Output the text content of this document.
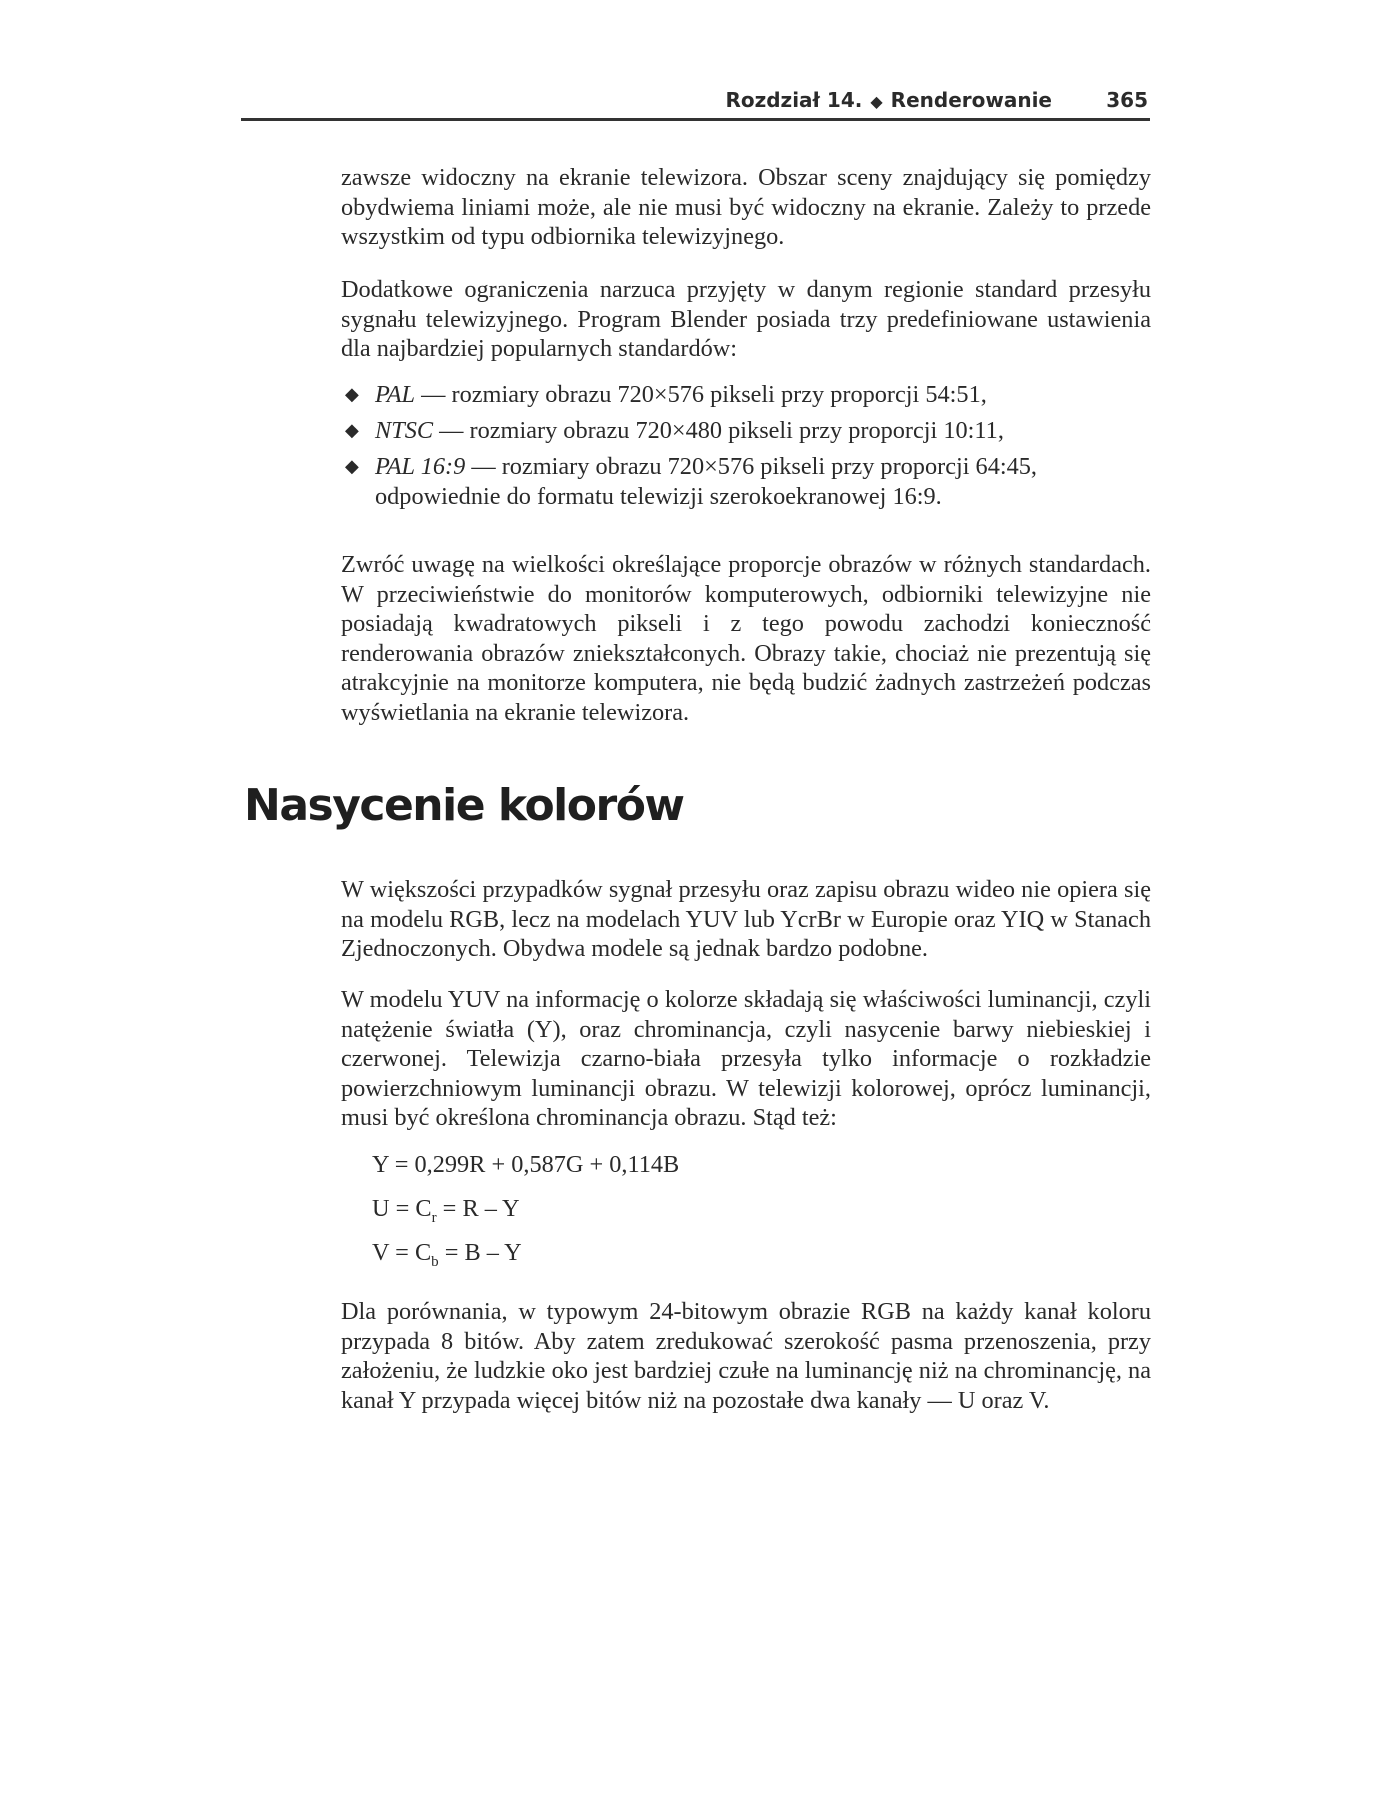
Rozdział 14. ◆ Renderowanie	365

zawsze widoczny na ekranie telewizora. Obszar sceny znajdujący się pomiędzy obydwiema liniami może, ale nie musi być widoczny na ekranie. Zależy to przede wszystkim od typu odbiornika telewizyjnego.

Dodatkowe ograniczenia narzuca przyjęty w danym regionie standard przesyłu sygnału telewizyjnego. Program Blender posiada trzy predefiniowane ustawienia dla najbardziej popularnych standardów:

◆ PAL — rozmiary obrazu 720×576 pikseli przy proporcji 54:51,
◆ NTSC — rozmiary obrazu 720×480 pikseli przy proporcji 10:11,
◆ PAL 16:9 — rozmiary obrazu 720×576 pikseli przy proporcji 64:45, odpowiednie do formatu telewizji szerokoekranowej 16:9.

Zwróć uwagę na wielkości określające proporcje obrazów w różnych standardach. W przeciwieństwie do monitorów komputerowych, odbiorniki telewizyjne nie posiadają kwadratowych pikseli i z tego powodu zachodzi konieczność renderowania obrazów zniekształconych. Obrazy takie, chociaż nie prezentują się atrakcyjnie na monitorze komputera, nie będą budzić żadnych zastrzeżeń podczas wyświetlania na ekranie telewizora.

Nasycenie kolorów

W większości przypadków sygnał przesyłu oraz zapisu obrazu wideo nie opiera się na modelu RGB, lecz na modelach YUV lub YcrBr w Europie oraz YIQ w Stanach Zjednoczonych. Obydwa modele są jednak bardzo podobne.

W modelu YUV na informację o kolorze składają się właściwości luminancji, czyli natężenie światła (Y), oraz chrominancja, czyli nasycenie barwy niebieskiej i czerwonej. Telewizja czarno-biała przesyła tylko informacje o rozkładzie powierzchniowym luminancji obrazu. W telewizji kolorowej, oprócz luminancji, musi być określona chrominancja obrazu. Stąd też:

Y = 0,299R + 0,587G + 0,114B
$U = C_r = R - Y$
$V = C_b = B - Y$

Dla porównania, w typowym 24-bitowym obrazie RGB na każdy kanał koloru przypada 8 bitów. Aby zatem zredukować szerokość pasma przenoszenia, przy założeniu, że ludzkie oko jest bardziej czułe na luminancję niż na chrominancję, na kanał Y przypada więcej bitów niż na pozostałe dwa kanały — U oraz V.
